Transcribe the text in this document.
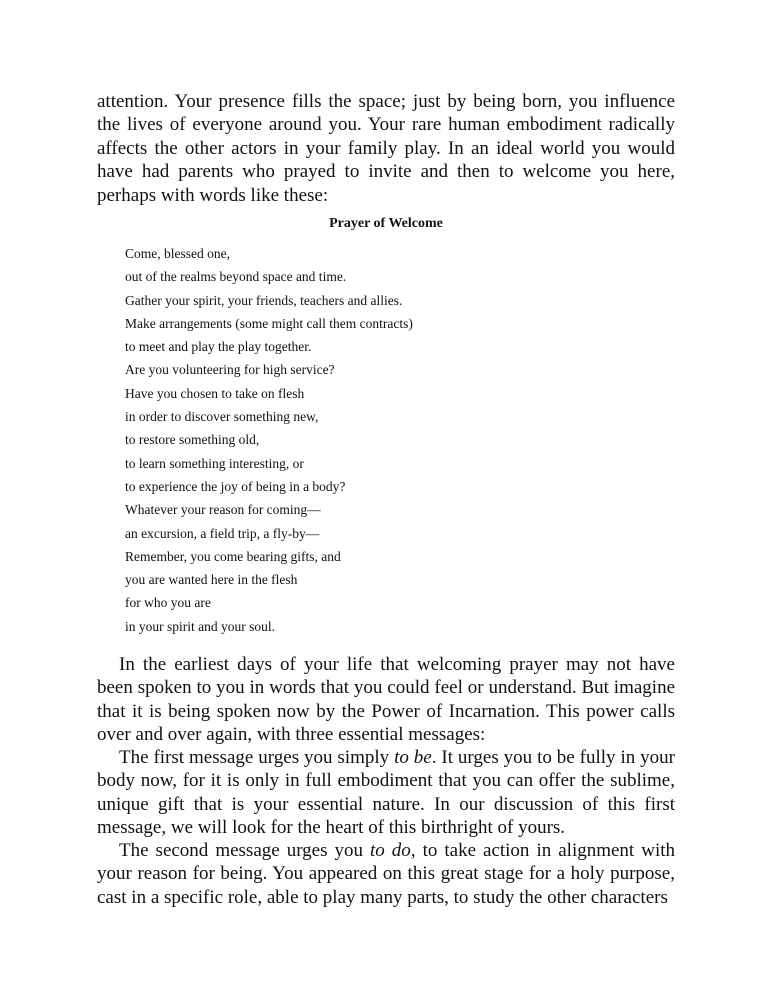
attention. Your presence fills the space; just by being born, you influence the lives of everyone around you. Your rare human embodiment radically affects the other actors in your family play. In an ideal world you would have had parents who prayed to invite and then to welcome you here, perhaps with words like these:

Prayer of Welcome

Come, blessed one,
out of the realms beyond space and time.
Gather your spirit, your friends, teachers and allies.
Make arrangements (some might call them contracts)
to meet and play the play together.
Are you volunteering for high service?
Have you chosen to take on flesh
in order to discover something new,
to restore something old,
to learn something interesting, or
to experience the joy of being in a body?
Whatever your reason for coming—
an excursion, a field trip, a fly-by—
Remember, you come bearing gifts, and
you are wanted here in the flesh
for who you are
in your spirit and your soul.

In the earliest days of your life that welcoming prayer may not have been spoken to you in words that you could feel or understand. But imagine that it is being spoken now by the Power of Incarnation. This power calls over and over again, with three essential messages:

The first message urges you simply to be. It urges you to be fully in your body now, for it is only in full embodiment that you can offer the sublime, unique gift that is your essential nature. In our discussion of this first message, we will look for the heart of this birthright of yours.

The second message urges you to do, to take action in alignment with your reason for being. You appeared on this great stage for a holy purpose, cast in a specific role, able to play many parts, to study the other characters
